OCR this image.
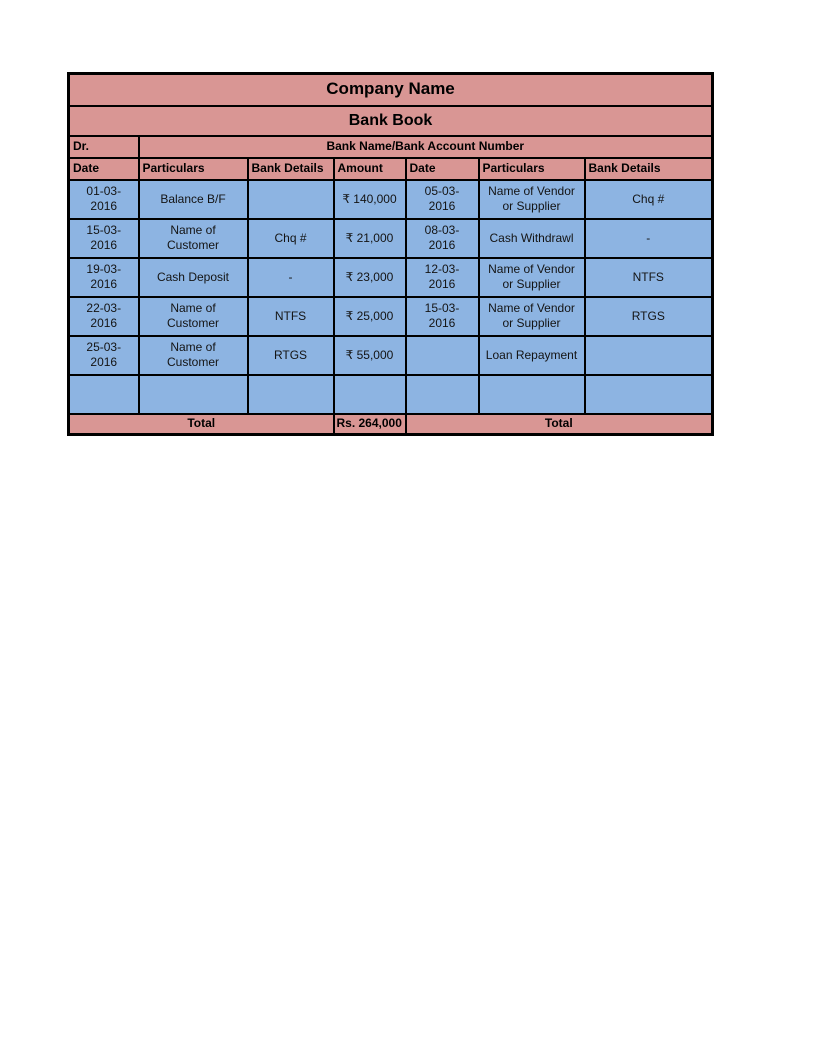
Company Name						
Bank Book						
Dr.	Bank Name/Bank Account Number					
Date	Particulars	Bank Details	Amount	Date	Particulars	Bank Details
01-03-2016	Balance B/F		₹ 140,000	05-03-2016	Name of Vendor or Supplier	Chq #
15-03-2016	Name of Customer	Chq #	₹ 21,000	08-03-2016	Cash Withdrawl	-
19-03-2016	Cash Deposit	-	₹ 23,000	12-03-2016	Name of Vendor or Supplier	NTFS
22-03-2016	Name of Customer	NTFS	₹ 25,000	15-03-2016	Name of Vendor or Supplier	RTGS
25-03-2016	Name of Customer	RTGS	₹ 55,000		Loan Repayment	

Total			Rs. 264,000	Total		
